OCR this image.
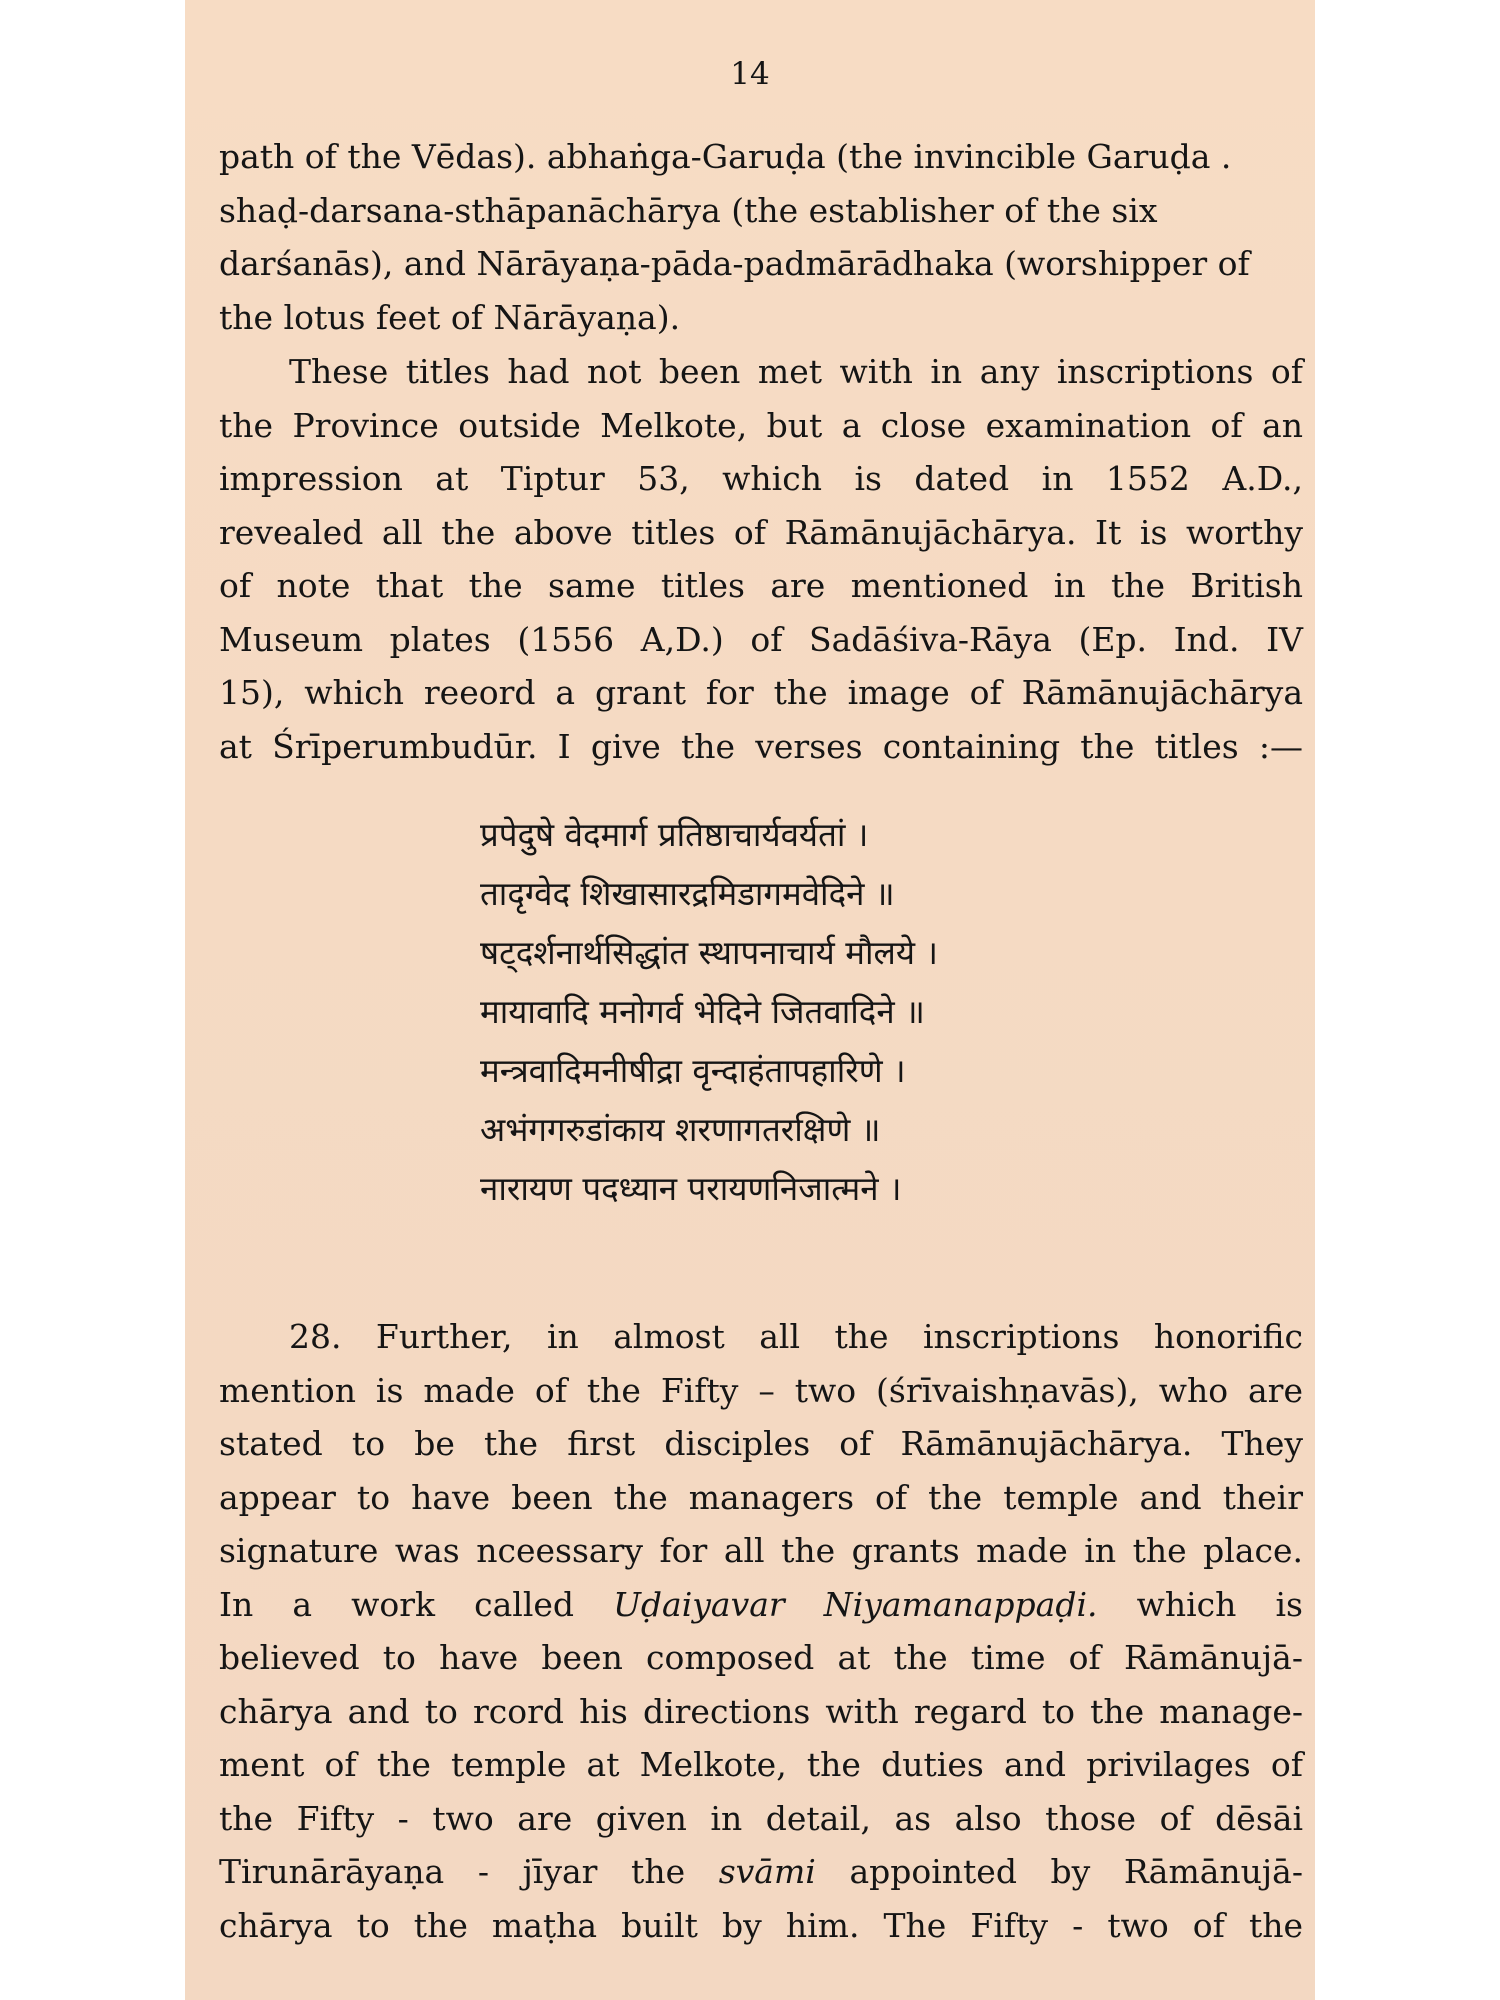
14
path of the Vēdas). abhaṅga-Garuḍa (the invincible Garuḍa .
shaḍ-darsana-sthāpanāchārya (the establisher of the six
darśanās), and Nārāyaṇa-pāda-padmārādhaka (worshipper of
the lotus feet of Nārāyaṇa).
These titles had not been met with in any inscriptions of
the Province outside Melkote, but a close examination of an
impression at Tiptur 53, which is dated in 1552 A.D.,
revealed all the above titles of Rāmānujāchārya. It is worthy
of note that the same titles are mentioned in the British
Museum plates (1556 A,D.) of Sadāśiva-Rāya (Ep. Ind. IV
15), which reeord a grant for the image of Rāmānujāchārya
at Śrīperumbudūr. I give the verses containing the titles :—
प्रपेदुषे वेदमार्ग प्रतिष्ठाचार्यवर्यतां ।
तादृग्वेद शिखासारद्रमिडागमवेदिने ॥
षट्दर्शनार्थसिद्धांत स्थापनाचार्य मौलये ।
मायावादि मनोगर्व भेदिने जितवादिने ॥
मन्त्रवादिमनीषीद्रा वृन्दाहंतापहारिणे ।
अभंगगरुडांकाय शरणागतरक्षिणे ॥
नारायण पदध्यान परायणनिजात्मने ।
28. Further, in almost all the inscriptions honorific
mention is made of the Fifty – two (śrīvaishṇavās), who are
stated to be the first disciples of Rāmānujāchārya. They
appear to have been the managers of the temple and their
signature was nceessary for all the grants made in the place.
In a work called Uḍaiyavar Niyamanappaḍi. which is
believed to have been composed at the time of Rāmānujā-
chārya and to rcord his directions with regard to the manage-
ment of the temple at Melkote, the duties and privilages of
the Fifty - two are given in detail, as also those of dēsāi
Tirunārāyaṇa - jīyar the svāmi appointed by Rāmānujā-
chārya to the maṭha built by him. The Fifty - two of the
